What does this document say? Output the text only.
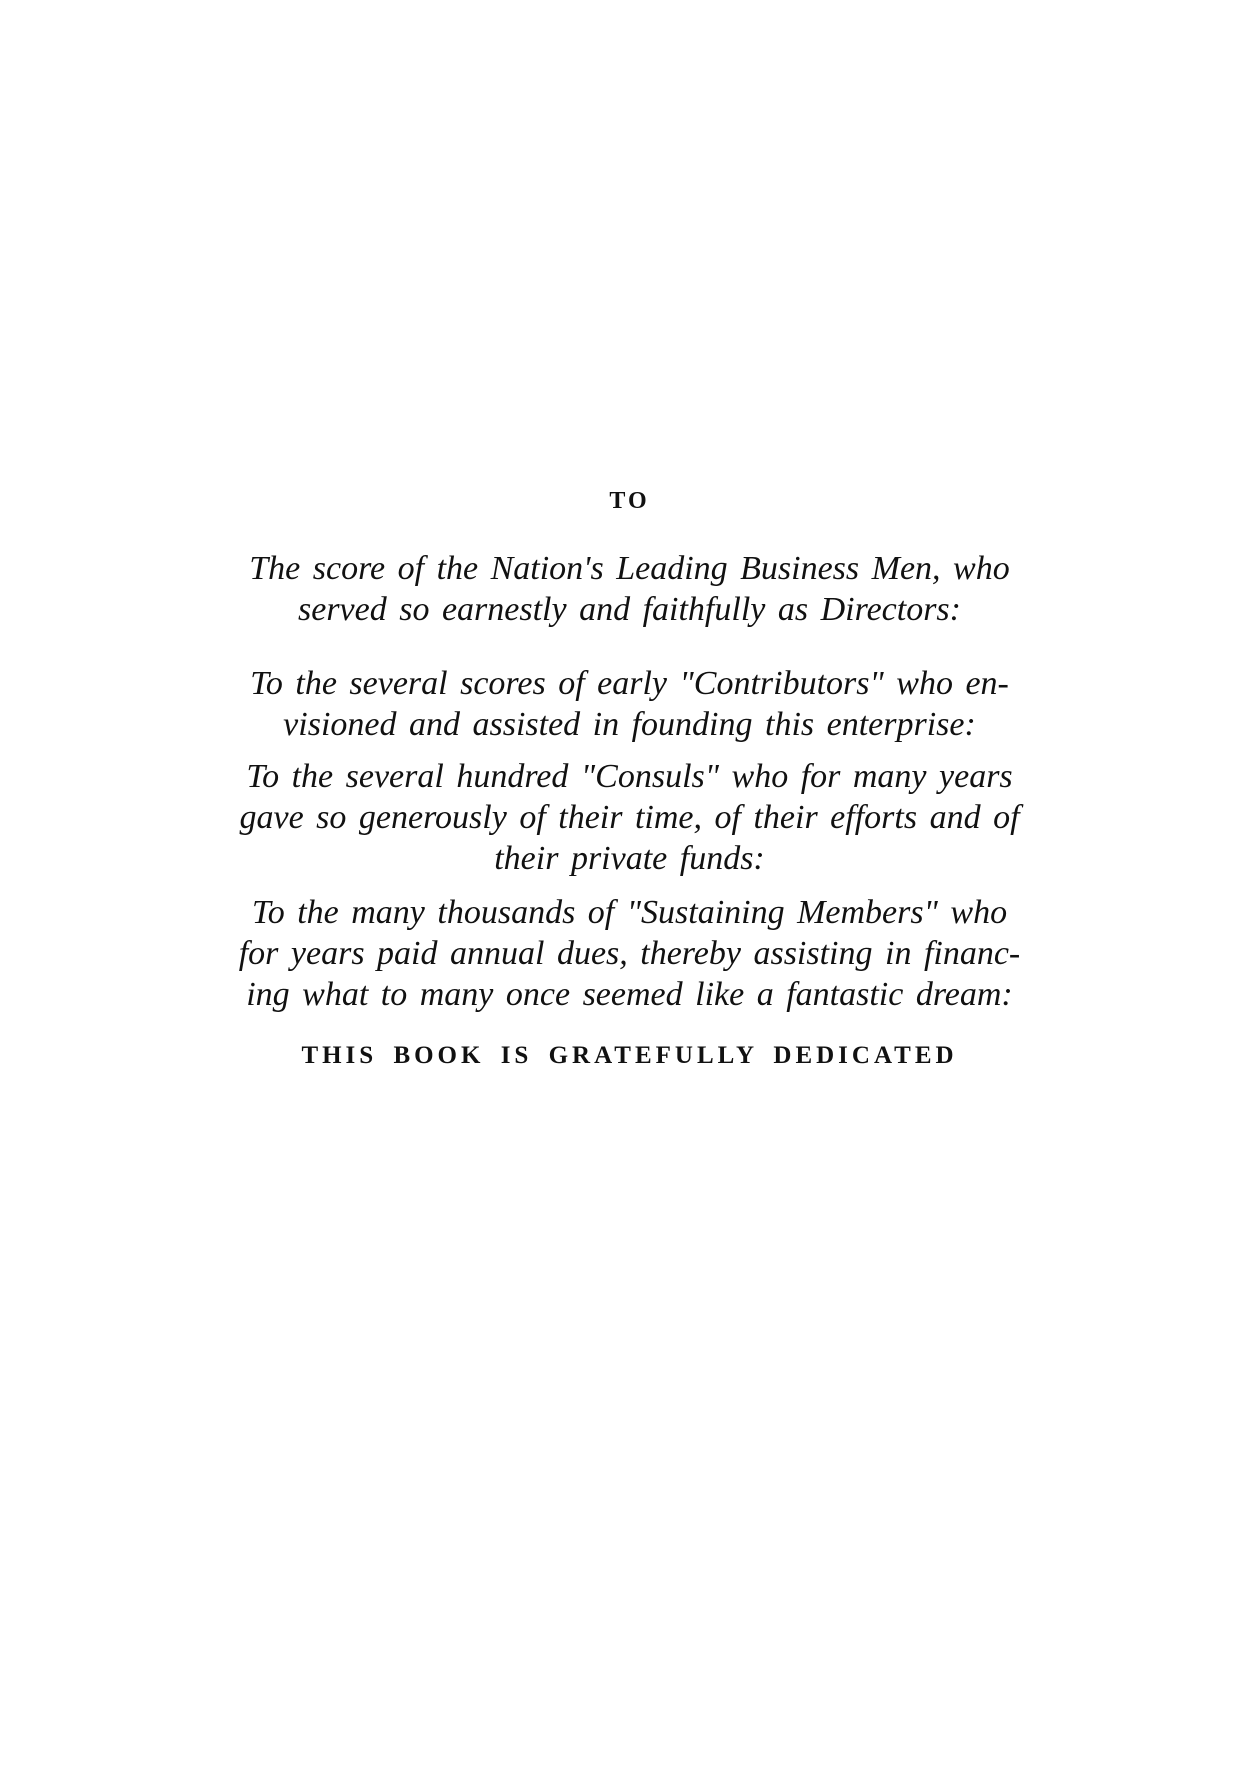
TO
The score of the Nation's Leading Business Men, who
served so earnestly and faithfully as Directors:
To the several scores of early "Contributors" who en-
visioned and assisted in founding this enterprise:
To the several hundred "Consuls" who for many years
gave so generously of their time, of their efforts and of
their private funds:
To the many thousands of "Sustaining Members" who
for years paid annual dues, thereby assisting in financ-
ing what to many once seemed like a fantastic dream:
THIS BOOK IS GRATEFULLY DEDICATED
